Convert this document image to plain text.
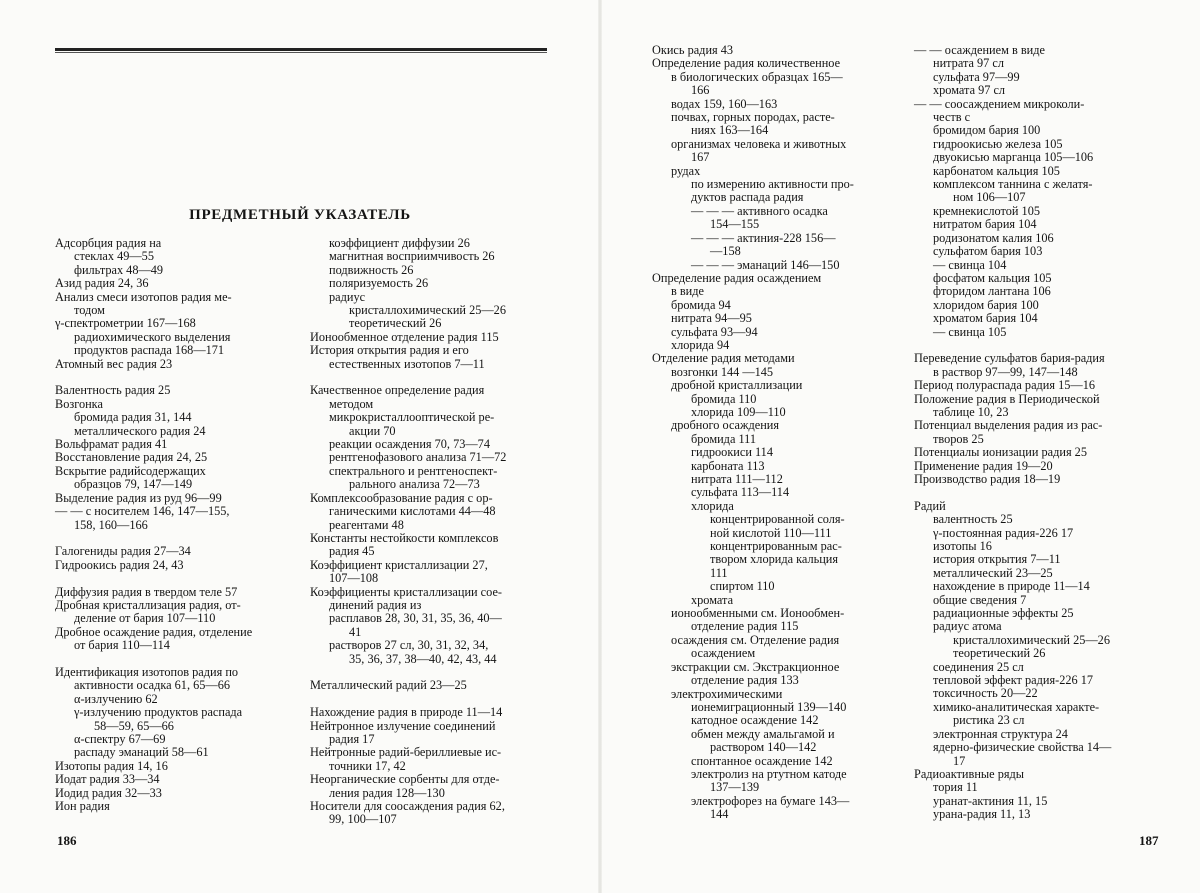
ПРЕДМЕТНЫЙ УКАЗАТЕЛЬ
Адсорбция радия на
стеклах 49—55
фильтрах 48—49
Азид радия 24, 36
Анализ смеси изотопов радия ме-
тодом
γ-спектрометрии 167—168
радиохимического выделения
продуктов распада 168—171
Атомный вес радия 23
Валентность радия 25
Возгонка
бромида радия 31, 144
металлического радия 24
Вольфрамат радия 41
Восстановление радия 24, 25
Вскрытие радийсодержащих
образцов 79, 147—149
Выделение радия из руд 96—99
— — с носителем 146, 147—155,
158, 160—166
Галогениды радия 27—34
Гидроокись радия 24, 43
Диффузия радия в твердом теле 57
Дробная кристаллизация радия, от-
деление от бария 107—110
Дробное осаждение радия, отделение
от бария 110—114
Идентификация изотопов радия по
активности осадка 61, 65—66
α-излучению 62
γ-излучению продуктов распада
58—59, 65—66
α-спектру 67—69
распаду эманаций 58—61
Изотопы радия 14, 16
Иодат радия 33—34
Иодид радия 32—33
Ион радия
коэффициент диффузии 26
магнитная восприимчивость 26
подвижность 26
поляризуемость 26
радиус
кристаллохимический 25—26
теоретический 26
Ионообменное отделение радия 115
История открытия радия и его
естественных изотопов 7—11
Качественное определение радия
методом
микрокристаллооптической ре-
акции 70
реакции осаждения 70, 73—74
рентгенофазового анализа 71—72
спектрального и рентгеноспект-
рального анализа 72—73
Комплексообразование радия с ор-
ганическими кислотами 44—48
реагентами 48
Константы нестойкости комплексов
радия 45
Коэффициент кристаллизации 27,
107—108
Коэффициенты кристаллизации сое-
динений радия из
расплавов 28, 30, 31, 35, 36, 40—
41
растворов 27 сл, 30, 31, 32, 34,
35, 36, 37, 38—40, 42, 43, 44
Металлический радий 23—25
Нахождение радия в природе 11—14
Нейтронное излучение соединений
радия 17
Нейтронные радий-бериллиевые ис-
точники 17, 42
Неорганические сорбенты для отде-
ления радия 128—130
Носители для соосаждения радия 62,
99, 100—107
186
Окись радия 43
Определение радия количественное
в биологических образцах 165—
166
водах 159, 160—163
почвах, горных породах, расте-
ниях 163—164
организмах человека и животных
167
рудах
по измерению активности про-
дуктов распада радия
— — — активного осадка
154—155
— — — актиния-228 156—
—158
— — — эманаций 146—150
Определение радия осаждением
в виде
бромида 94
нитрата 94—95
сульфата 93—94
хлорида 94
Отделение радия методами
возгонки 144 —145
дробной кристаллизации
бромида 110
хлорида 109—110
дробного осаждения
бромида 111
гидроокиси 114
карбоната 113
нитрата 111—112
сульфата 113—114
хлорида
концентрированной соля-
ной кислотой 110—111
концентрированным рас-
твором хлорида кальция
111
спиртом 110
хромата
ионообменными см. Ионообмен-
отделение радия 115
осаждения см. Отделение радия
осаждением
экстракции см. Экстракционное
отделение радия 133
электрохимическими
ионемиграционный 139—140
катодное осаждение 142
обмен между амальгамой и
раствором 140—142
спонтанное осаждение 142
электролиз на ртутном катоде
137—139
электрофорез на бумаге 143—
144
— — осаждением в виде
нитрата 97 сл
сульфата 97—99
хромата 97 сл
— — соосаждением микроколи-
честв с
бромидом бария 100
гидроокисью железа 105
двуокисью марганца 105—106
карбонатом кальция 105
комплексом таннина с желатя-
ном 106—107
кремнекислотой 105
нитратом бария 104
родизонатом калия 106
сульфатом бария 103
— свинца 104
фосфатом кальция 105
фторидом лантана 106
хлоридом бария 100
хроматом бария 104
— свинца 105
Переведение сульфатов бария-радия
в раствор 97—99, 147—148
Период полураспада радия 15—16
Положение радия в Периодической
таблице 10, 23
Потенциал выделения радия из рас-
творов 25
Потенциалы ионизации радия 25
Применение радия 19—20
Производство радия 18—19
Радий
валентность 25
γ-постоянная радия-226 17
изотопы 16
история открытия 7—11
металлический 23—25
нахождение в природе 11—14
общие сведения 7
радиационные эффекты 25
радиус атома
кристаллохимический 25—26
теоретический 26
соединения 25 сл
тепловой эффект радия-226 17
токсичность 20—22
химико-аналитическая характе-
ристика 23 сл
электронная структура 24
ядерно-физические свойства 14—
17
Радиоактивные ряды
тория 11
уранат-актиния 11, 15
урана-радия 11, 13
187
